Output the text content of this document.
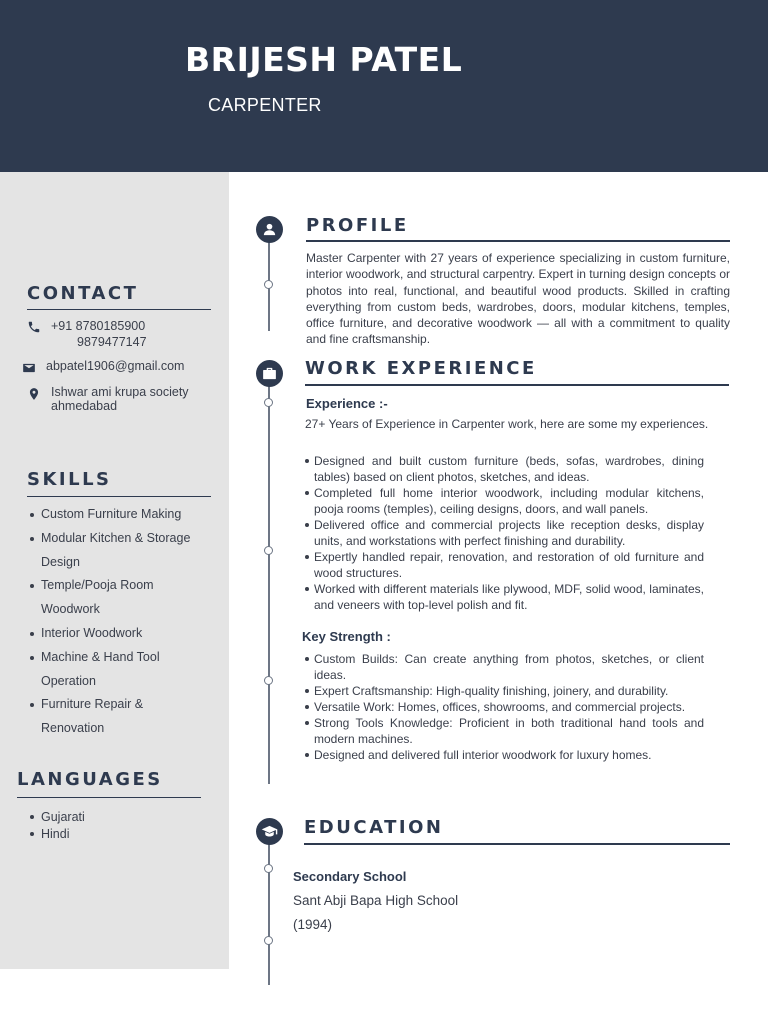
BRIJESH PATEL
CARPENTER
CONTACT
+91 8780185900
9879477147
abpatel1906@gmail.com
Ishwar ami krupa society
ahmedabad
SKILLS
Custom Furniture Making
Modular Kitchen & Storage Design
Temple/Pooja Room Woodwork
Interior Woodwork
Machine & Hand Tool Operation
Furniture Repair & Renovation
LANGUAGES
Gujarati
Hindi
PROFILE
Master Carpenter with 27 years of experience specializing in custom furniture, interior woodwork, and structural carpentry. Expert in turning design concepts or photos into real, functional, and beautiful wood products. Skilled in crafting everything from custom beds, wardrobes, doors, modular kitchens, temples, office furniture, and decorative woodwork — all with a commitment to quality and fine craftsmanship.
WORK EXPERIENCE
Experience :-
27+ Years of Experience in Carpenter work, here are some my experiences.
Designed and built custom furniture (beds, sofas, wardrobes, dining tables) based on client photos, sketches, and ideas.
Completed full home interior woodwork, including modular kitchens, pooja rooms (temples), ceiling designs, doors, and wall panels.
Delivered office and commercial projects like reception desks, display units, and workstations with perfect finishing and durability.
Expertly handled repair, renovation, and restoration of old furniture and wood structures.
Worked with different materials like plywood, MDF, solid wood, laminates, and veneers with top-level polish and fit.
Key Strength :
Custom Builds: Can create anything from photos, sketches, or client ideas.
Expert Craftsmanship: High-quality finishing, joinery, and durability.
Versatile Work: Homes, offices, showrooms, and commercial projects.
Strong Tools Knowledge: Proficient in both traditional hand tools and modern machines.
Designed and delivered full interior woodwork for luxury homes.
EDUCATION
Secondary School
Sant Abji Bapa High School
(1994)
